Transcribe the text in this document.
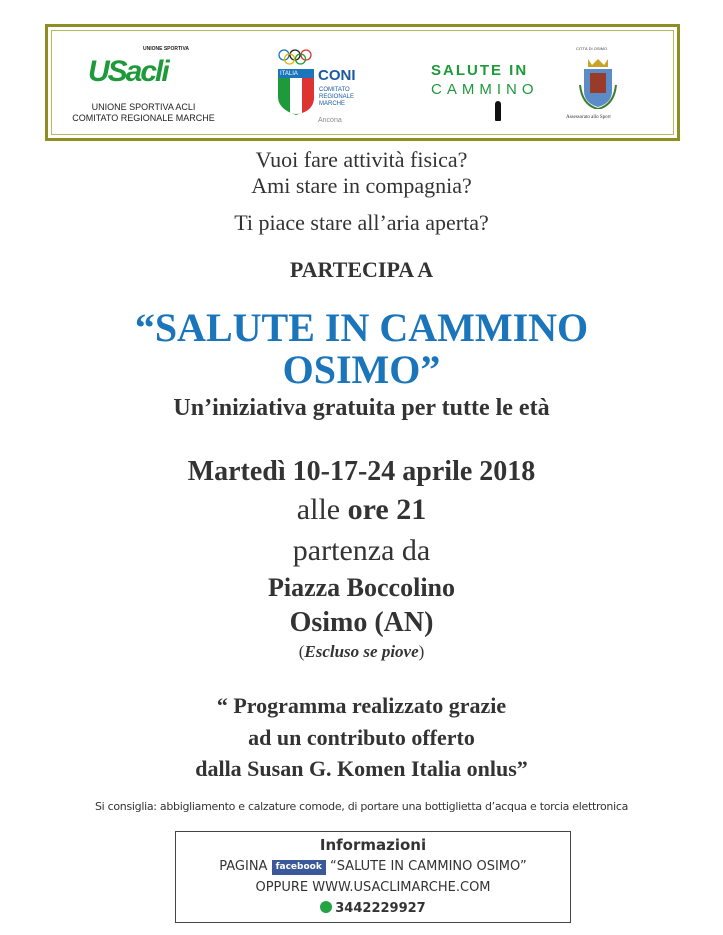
UNIONE SPORTIVA
USacli
UNIONE SPORTIVA ACLI
COMITATO REGIONALE MARCHE
ITALIA CONI
COMITATO
REGIONALE
MARCHE
Ancona
SALUTE IN
CAMMINO
CITTÀ DI OSIMO
Assessorato allo Sport
Vuoi fare attività fisica?
Ami stare in compagnia?
Ti piace stare all’aria aperta?
PARTECIPA A
“SALUTE IN CAMMINO
OSIMO”
Un’iniziativa gratuita per tutte le età
Martedì 10-17-24 aprile 2018
alle ore 21
partenza da
Piazza Boccolino
Osimo (AN)
(Escluso se piove)
“ Programma realizzato grazie
ad un contributo offerto
dalla Susan G. Komen Italia onlus”
Si consiglia: abbigliamento e calzature comode, di portare una bottiglietta d’acqua e torcia elettronica
Informazioni
PAGINA facebook “SALUTE IN CAMMINO OSIMO”
OPPURE WWW.USACLIMARCHE.COM
3442229927
